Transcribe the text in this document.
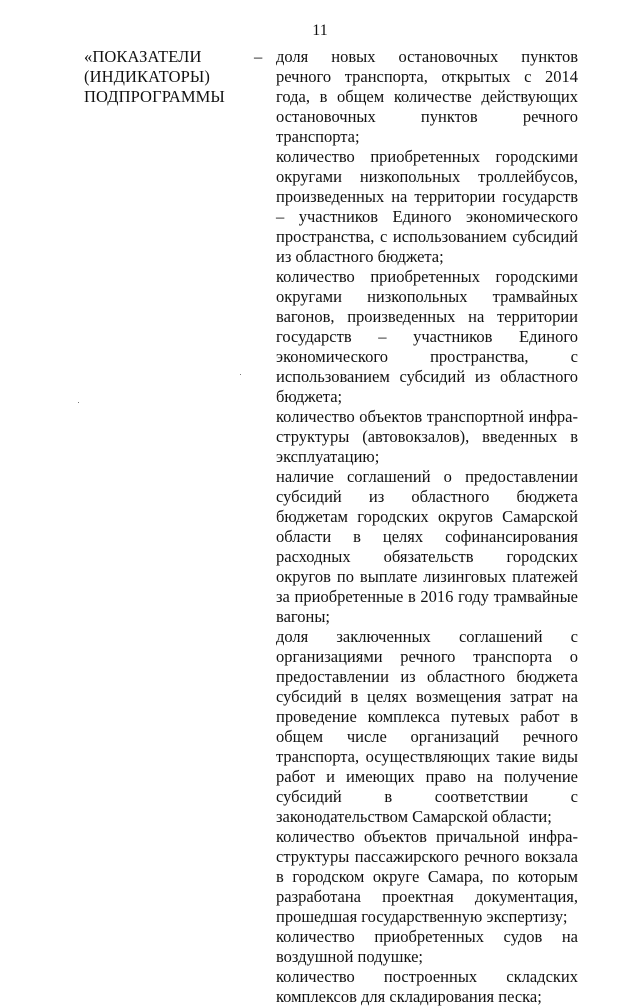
11
«ПОКАЗАТЕЛИ
(ИНДИКАТОРЫ)
ПОДПРОГРАММЫ
– доля новых остановочных пунктов речного транспорта, открытых с 2014 года, в общем количестве действующих остановочных пунктов речного транспорта;
количество приобретенных городскими округами низкопольных троллейбусов, произведенных на территории государств – участников Единого экономического пространства, с использованием субсидий из областного бюджета;
количество приобретенных городскими округами низкопольных трамвайных вагонов, произведенных на территории государств – участников Единого экономического пространства, с использованием субсидий из областного бюджета;
количество объектов транспортной инфраструктуры (автовокзалов), введенных в эксплуатацию;
наличие соглашений о предоставлении субсидий из областного бюджета бюджетам городских округов Самарской области в целях софинансирования расходных обязательств городских округов по выплате лизинговых платежей за приобретенные в 2016 году трамвайные вагоны;
доля заключенных соглашений с организациями речного транспорта о предоставлении из областного бюджета субсидий в целях возмещения затрат на проведение комплекса путевых работ в общем числе организаций речного транспорта, осуществляющих такие виды работ и имеющих право на получение субсидий в соответствии с законодательством Самарской области;
количество объектов причальной инфраструктуры пассажирского речного вокзала в городском округе Самара, по которым разработана проектная документация, прошедшая государственную экспертизу;
количество приобретенных судов на воздушной подушке;
количество построенных складских комплексов для складирования песка;
